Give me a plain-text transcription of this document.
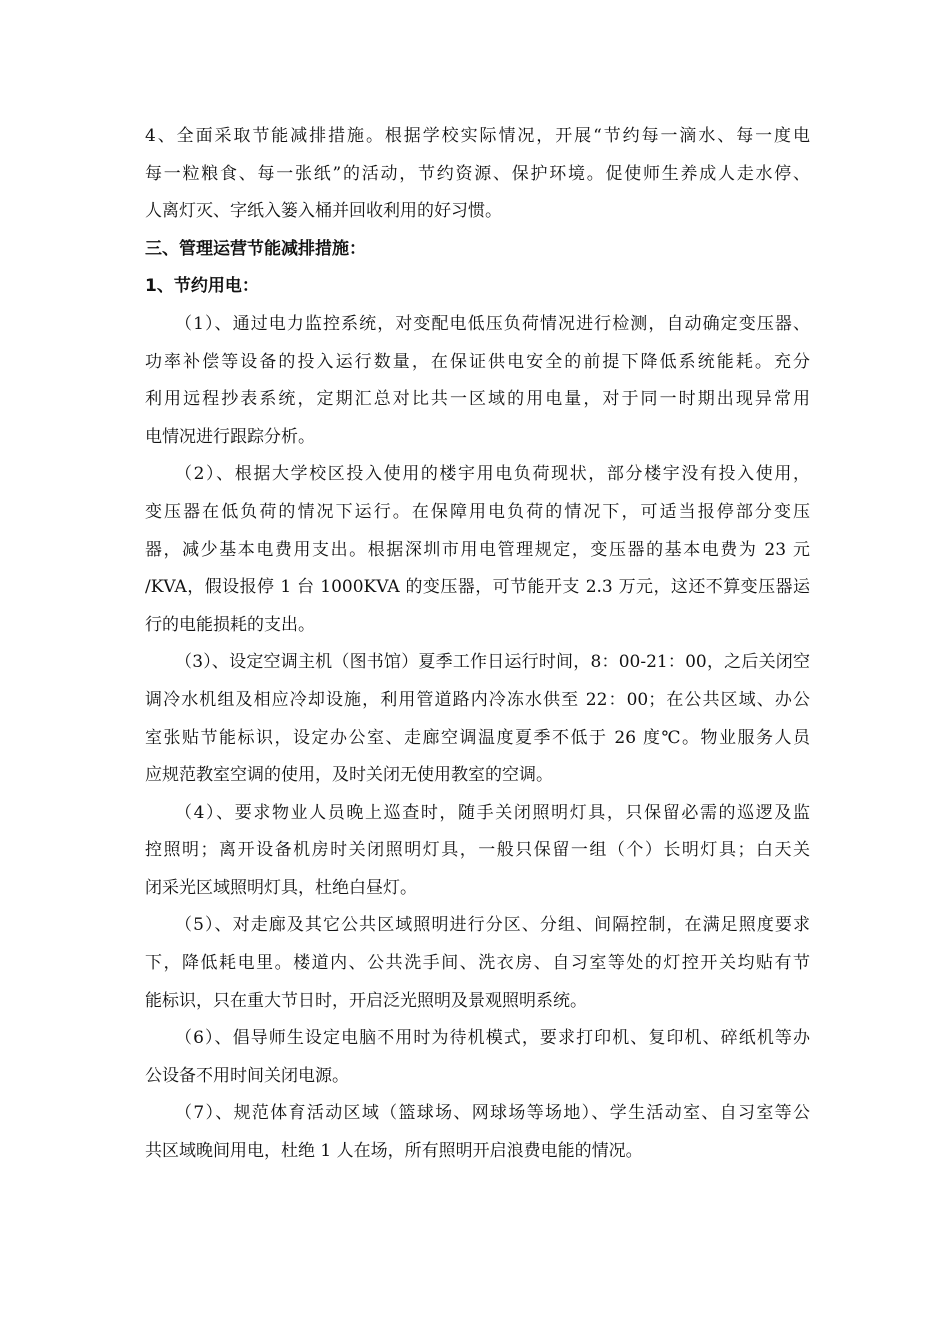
4、全面采取节能减排措施。根据学校实际情况，开展“节约每一滴水、每一度电
每一粒粮食、每一张纸”的活动，节约资源、保护环境。促使师生养成人走水停、
人离灯灭、字纸入篓入桶并回收利用的好习惯。
三、管理运营节能减排措施：
1、节约用电：
（1）、通过电力监控系统，对变配电低压负荷情况进行检测，自动确定变压器、
功率补偿等设备的投入运行数量，在保证供电安全的前提下降低系统能耗。充分
利用远程抄表系统，定期汇总对比共一区域的用电量，对于同一时期出现异常用
电情况进行跟踪分析。
（2）、根据大学校区投入使用的楼宇用电负荷现状，部分楼宇没有投入使用，
变压器在低负荷的情况下运行。在保障用电负荷的情况下，可适当报停部分变压
器，减少基本电费用支出。根据深圳市用电管理规定，变压器的基本电费为 23 元
/KVA，假设报停 1 台 1000KVA 的变压器，可节能开支 2.3 万元，这还不算变压器运
行的电能损耗的支出。
（3）、设定空调主机（图书馆）夏季工作日运行时间，8：00-21：00，之后关闭空
调冷水机组及相应冷却设施，利用管道路内冷冻水供至 22：00；在公共区域、办公
室张贴节能标识，设定办公室、走廊空调温度夏季不低于 26 度℃。物业服务人员
应规范教室空调的使用，及时关闭无使用教室的空调。
（4）、要求物业人员晚上巡查时，随手关闭照明灯具，只保留必需的巡逻及监
控照明；离开设备机房时关闭照明灯具，一般只保留一组（个）长明灯具；白天关
闭采光区域照明灯具，杜绝白昼灯。
（5）、对走廊及其它公共区域照明进行分区、分组、间隔控制，在满足照度要求
下，降低耗电里。楼道内、公共洗手间、洗衣房、自习室等处的灯控开关均贴有节
能标识，只在重大节日时，开启泛光照明及景观照明系统。
（6）、倡导师生设定电脑不用时为待机模式，要求打印机、复印机、碎纸机等办
公设备不用时间关闭电源。
（7）、规范体育活动区域（篮球场、网球场等场地）、学生活动室、自习室等公
共区域晚间用电，杜绝 1 人在场，所有照明开启浪费电能的情况。
